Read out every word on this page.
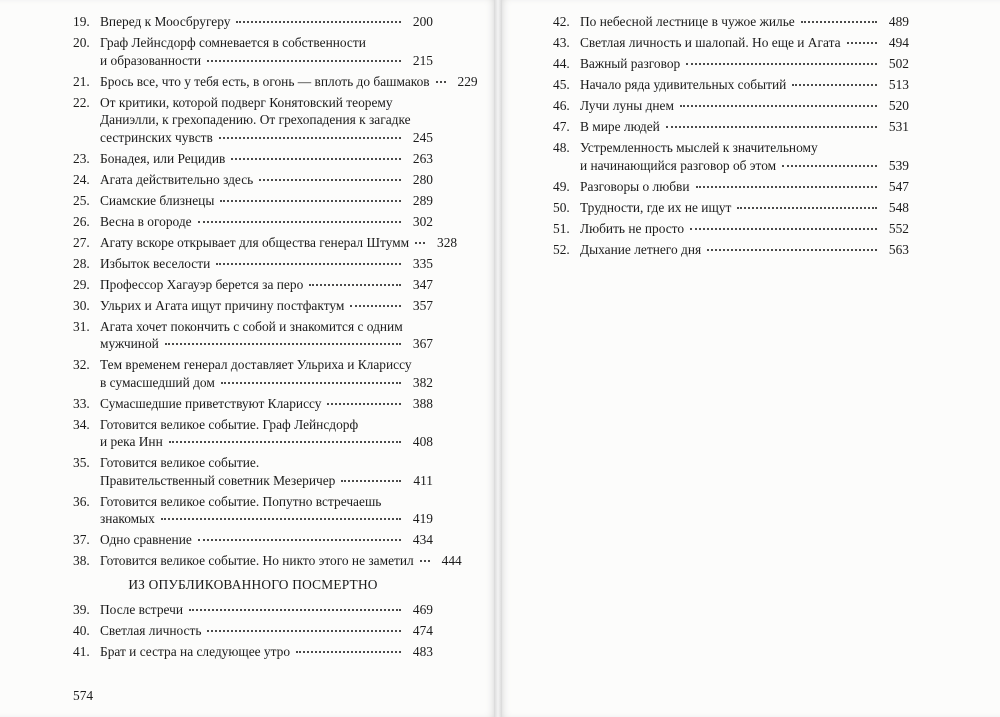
19. Вперед к Моосбругеру	200
20. Граф Лейнсдорф сомневается в собственности
и образованности	215
21. Брось все, что у тебя есть, в огонь — вплоть до башмаков	229
22. От критики, которой подверг Конятовский теорему
Даниэлли, к грехопадению. От грехопадения к загадке
сестринских чувств	245
23. Бонадея, или Рецидив	263
24. Агата действительно здесь	280
25. Сиамские близнецы	289
26. Весна в огороде	302
27. Агату вскоре открывает для общества генерал Штумм	328
28. Избыток веселости	335
29. Профессор Хагауэр берется за перо	347
30. Ульрих и Агата ищут причину постфактум	357
31. Агата хочет покончить с собой и знакомится с одним
мужчиной	367
32. Тем временем генерал доставляет Ульриха и Клариссу
в сумасшедший дом	382
33. Сумасшедшие приветствуют Клариссу	388
34. Готовится великое событие. Граф Лейнсдорф
и река Инн	408
35. Готовится великое событие.
Правительственный советник Мезеричер	411
36. Готовится великое событие. Попутно встречаешь
знакомых	419
37. Одно сравнение	434
38. Готовится великое событие. Но никто этого не заметил	444
ИЗ ОПУБЛИКОВАННОГО ПОСМЕРТНО
39. После встречи	469
40. Светлая личность	474
41. Брат и сестра на следующее утро	483
574
42. По небесной лестнице в чужое жилье	489
43. Светлая личность и шалопай. Но еще и Агата	494
44. Важный разговор	502
45. Начало ряда удивительных событий	513
46. Лучи луны днем	520
47. В мире людей	531
48. Устремленность мыслей к значительному
и начинающийся разговор об этом	539
49. Разговоры о любви	547
50. Трудности, где их не ищут	548
51. Любить не просто	552
52. Дыхание летнего дня	563
